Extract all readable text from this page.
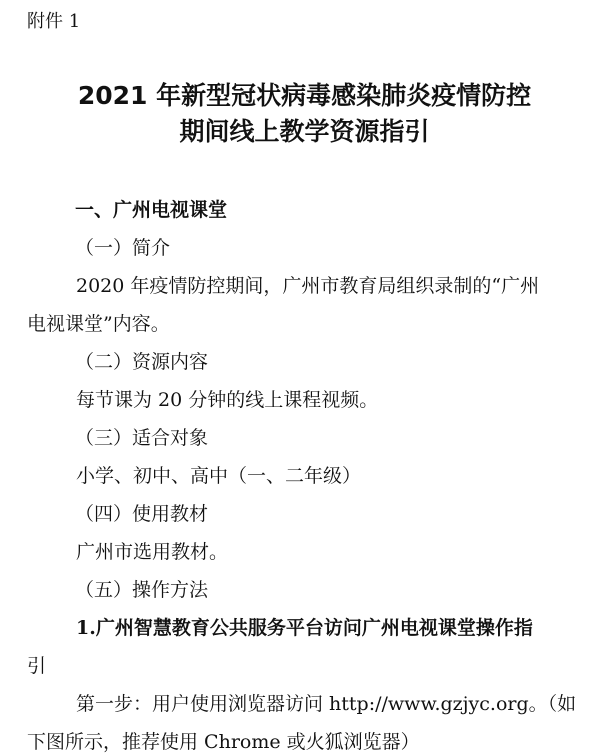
附件 1
2021 年新型冠状病毒感染肺炎疫情防控
期间线上教学资源指引
一、广州电视课堂
（一）简介
2020 年疫情防控期间，广州市教育局组织录制的“广州
电视课堂”内容。
（二）资源内容
每节课为 20 分钟的线上课程视频。
（三）适合对象
小学、初中、高中（一、二年级）
（四）使用教材
广州市选用教材。
（五）操作方法
1.广州智慧教育公共服务平台访问广州电视课堂操作指
引
第一步：用户使用浏览器访问 http://www.gzjyc.org。（如
下图所示，推荐使用 Chrome 或火狐浏览器）
